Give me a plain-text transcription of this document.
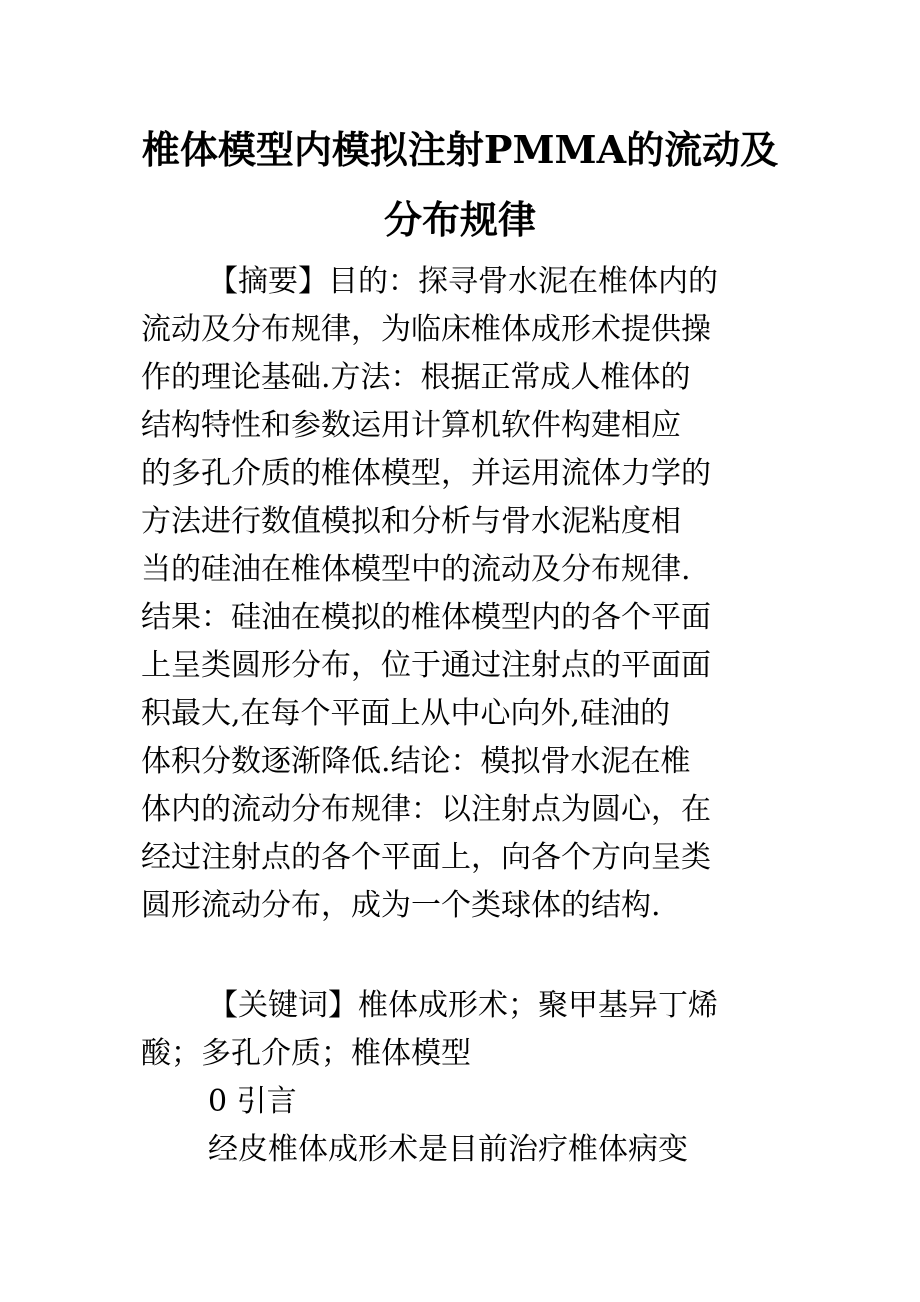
椎体模型内模拟注射PMMA的流动及
分布规律

【摘要】目的：探寻骨水泥在椎体内的

流动及分布规律，为临床椎体成形术提供操

作的理论基础.方法：根据正常成人椎体的

结构特性和参数运用计算机软件构建相应

的多孔介质的椎体模型，并运用流体力学的

方法进行数值模拟和分析与骨水泥粘度相

当的硅油在椎体模型中的流动及分布规律.

结果：硅油在模拟的椎体模型内的各个平面

上呈类圆形分布，位于通过注射点的平面面

积最大,在每个平面上从中心向外,硅油的

体积分数逐渐降低.结论：模拟骨水泥在椎

体内的流动分布规律：以注射点为圆心，在

经过注射点的各个平面上，向各个方向呈类

圆形流动分布，成为一个类球体的结构.

【关键词】椎体成形术；聚甲基异丁烯

酸；多孔介质；椎体模型

0 引言

经皮椎体成形术是目前治疗椎体病变
